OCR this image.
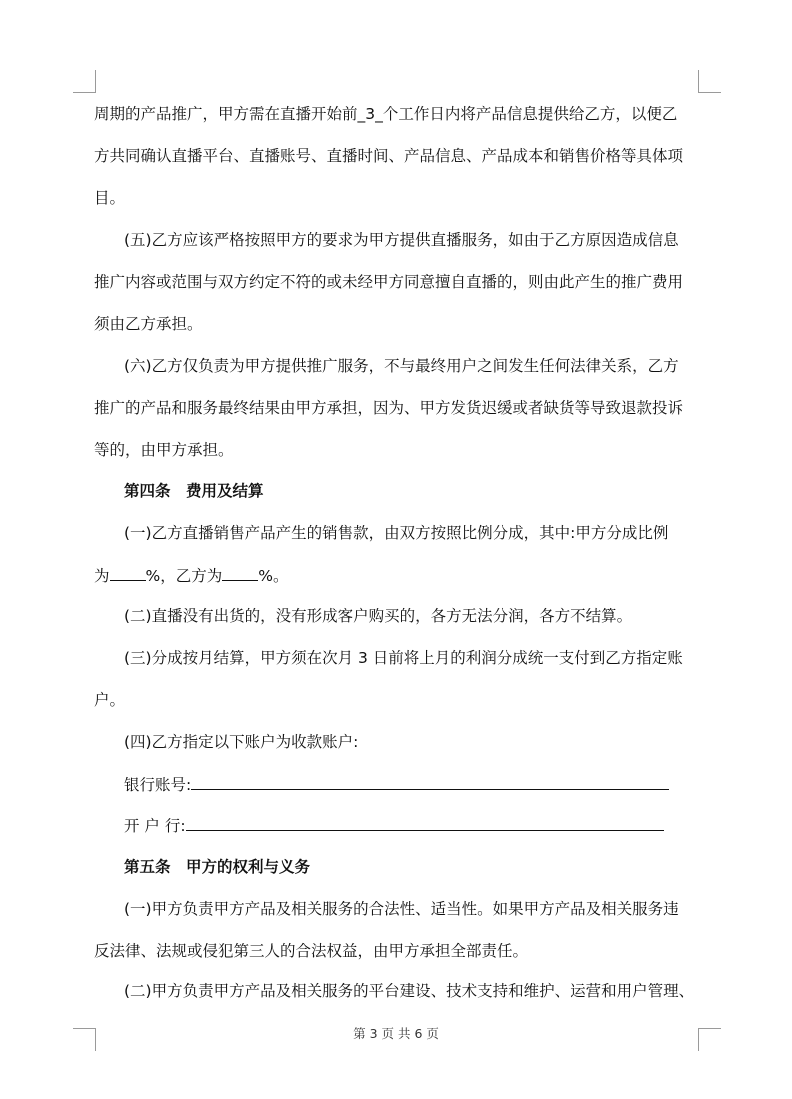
周期的产品推广，甲方需在直播开始前_3_个工作日内将产品信息提供给乙方，以便乙
方共同确认直播平台、直播账号、直播时间、产品信息、产品成本和销售价格等具体项
目。
(五)乙方应该严格按照甲方的要求为甲方提供直播服务，如由于乙方原因造成信息
推广内容或范围与双方约定不符的或未经甲方同意擅自直播的，则由此产生的推广费用
须由乙方承担。
(六)乙方仅负责为甲方提供推广服务，不与最终用户之间发生任何法律关系，乙方
推广的产品和服务最终结果由甲方承担，因为、甲方发货迟缓或者缺货等导致退款投诉
等的，由甲方承担。
第四条　费用及结算
(一)乙方直播销售产品产生的销售款，由双方按照比例分成，其中:甲方分成比例
为 %，乙方为 %。
(二)直播没有出货的，没有形成客户购买的，各方无法分润，各方不结算。
(三)分成按月结算，甲方须在次月 3 日前将上月的利润分成统一支付到乙方指定账
户。
(四)乙方指定以下账户为收款账户:
银行账号:
开 户 行:
第五条　甲方的权利与义务
(一)甲方负责甲方产品及相关服务的合法性、适当性。如果甲方产品及相关服务违
反法律、法规或侵犯第三人的合法权益，由甲方承担全部责任。
(二)甲方负责甲方产品及相关服务的平台建设、技术支持和维护、运营和用户管理、
第 3 页 共 6 页
